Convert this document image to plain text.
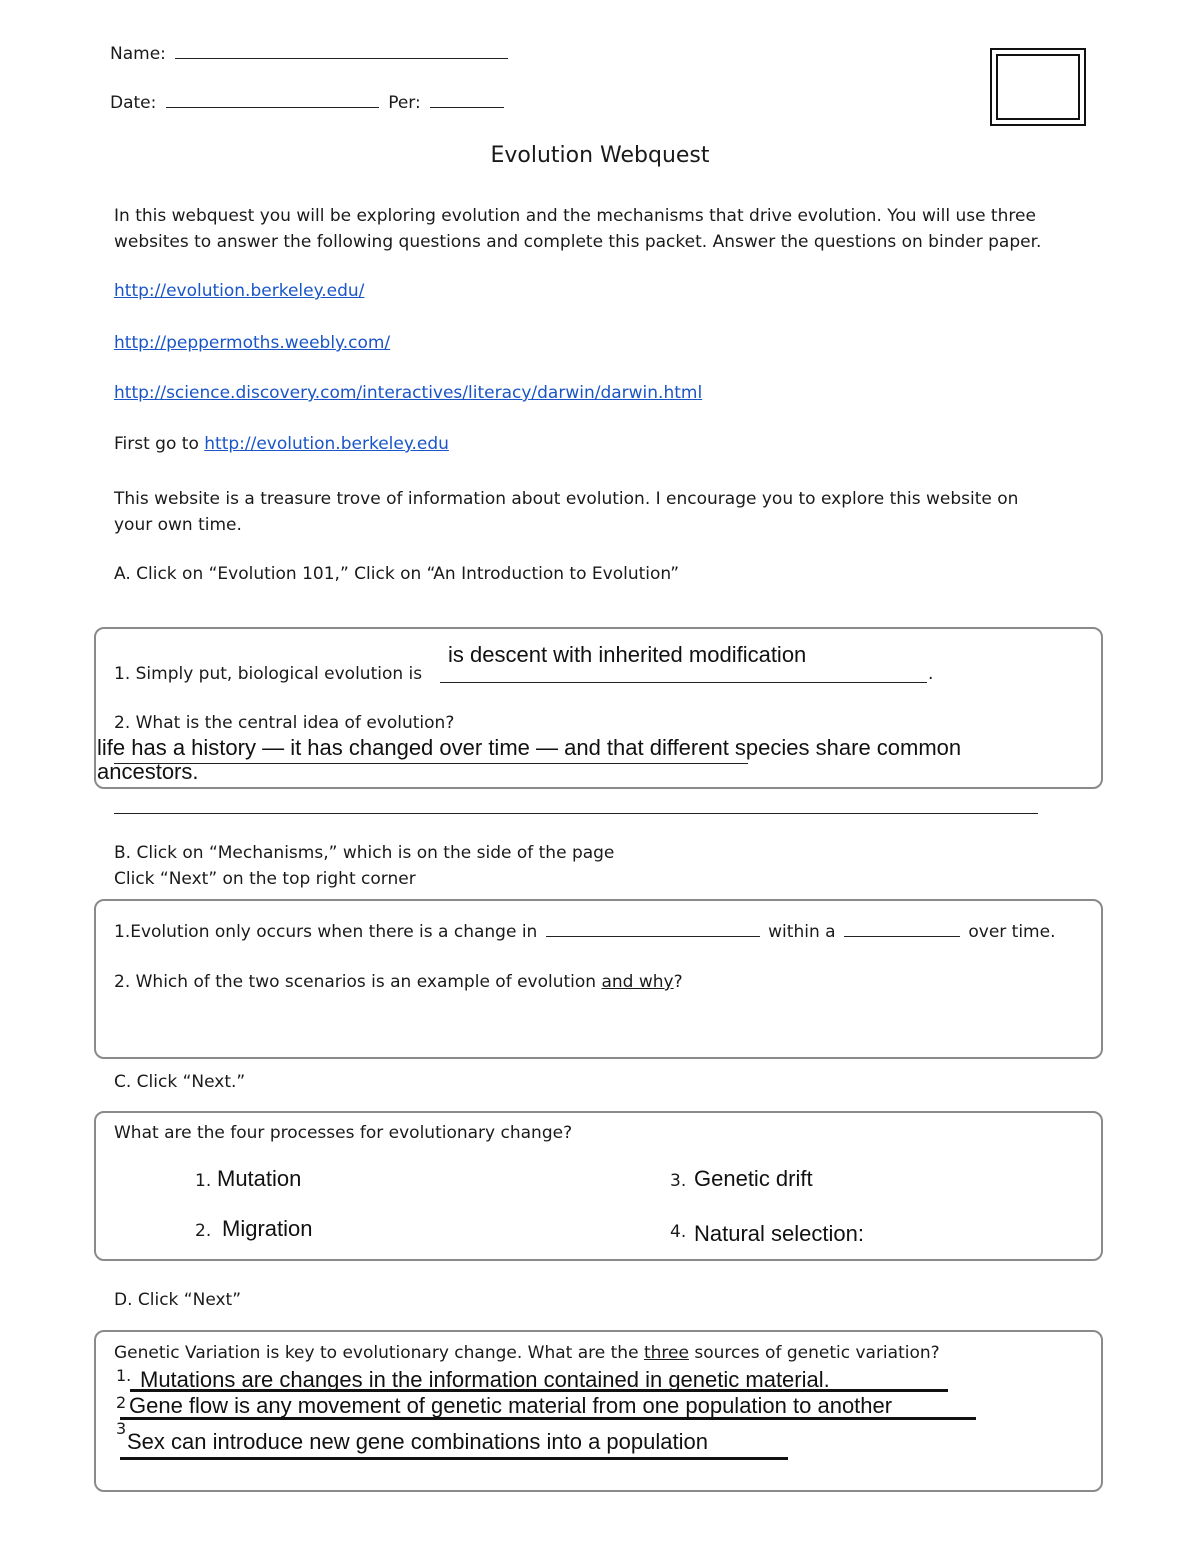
Name:
Date:	Per:
Evolution Webquest
In this webquest you will be exploring evolution and the mechanisms that drive evolution. You will use three
websites to answer the following questions and complete this packet. Answer the questions on binder paper.
http://evolution.berkeley.edu/
http://peppermoths.weebly.com/
http://science.discovery.com/interactives/literacy/darwin/darwin.html
First go to http://evolution.berkeley.edu
This website is a treasure trove of information about evolution. I encourage you to explore this website on
your own time.
A. Click on “Evolution 101,” Click on “An Introduction to Evolution”
is descent with inherited modification
1. Simply put, biological evolution is	.
2. What is the central idea of evolution?
life has a history — it has changed over time — and that different species share common
ancestors.
B. Click on “Mechanisms,” which is on the side of the page
Click “Next” on the top right corner
1.Evolution only occurs when there is a change in	within a	over time.
2. Which of the two scenarios is an example of evolution and why?
C. Click “Next.”
What are the four processes for evolutionary change?
1. Mutation
2. Migration
3. Genetic drift
4. Natural selection:
D. Click “Next”
Genetic Variation is key to evolutionary change. What are the three sources of genetic variation?
1. Mutations are changes in the information contained in genetic material.
2 Gene flow is any movement of genetic material from one population to another
3
Sex can introduce new gene combinations into a population
